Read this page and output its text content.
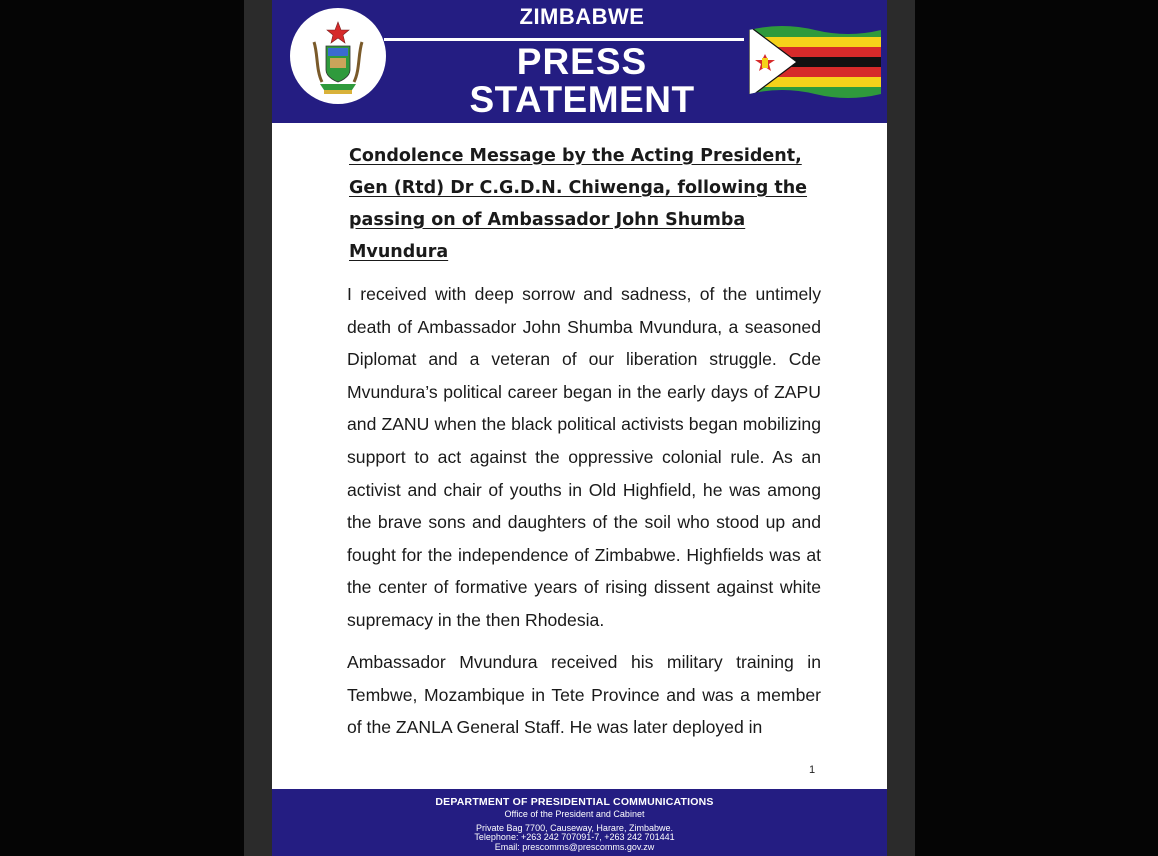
ZIMBABWE
PRESS
STATEMENT
Condolence Message by the Acting President, Gen (Rtd) Dr C.G.D.N. Chiwenga, following the passing on of Ambassador John Shumba Mvundura
I received with deep sorrow and sadness, of the untimely death of Ambassador John Shumba Mvundura, a seasoned Diplomat and a veteran of our liberation struggle. Cde Mvundura’s political career began in the early days of ZAPU and ZANU when the black political activists began mobilizing support to act against the oppressive colonial rule. As an activist and chair of youths in Old Highfield, he was among the brave sons and daughters of the soil who stood up and fought for the independence of Zimbabwe. Highfields was at the center of formative years of rising dissent against white supremacy in the then Rhodesia.
Ambassador Mvundura received his military training in Tembwe, Mozambique in Tete Province and was a member of the ZANLA General Staff. He was later deployed in
1
DEPARTMENT OF PRESIDENTIAL COMMUNICATIONS
Office of the President and Cabinet
Private Bag 7700, Causeway, Harare, Zimbabwe.
Telephone: +263 242 707091-7, +263 242 701441
Email: prescomms@prescomms.gov.zw
